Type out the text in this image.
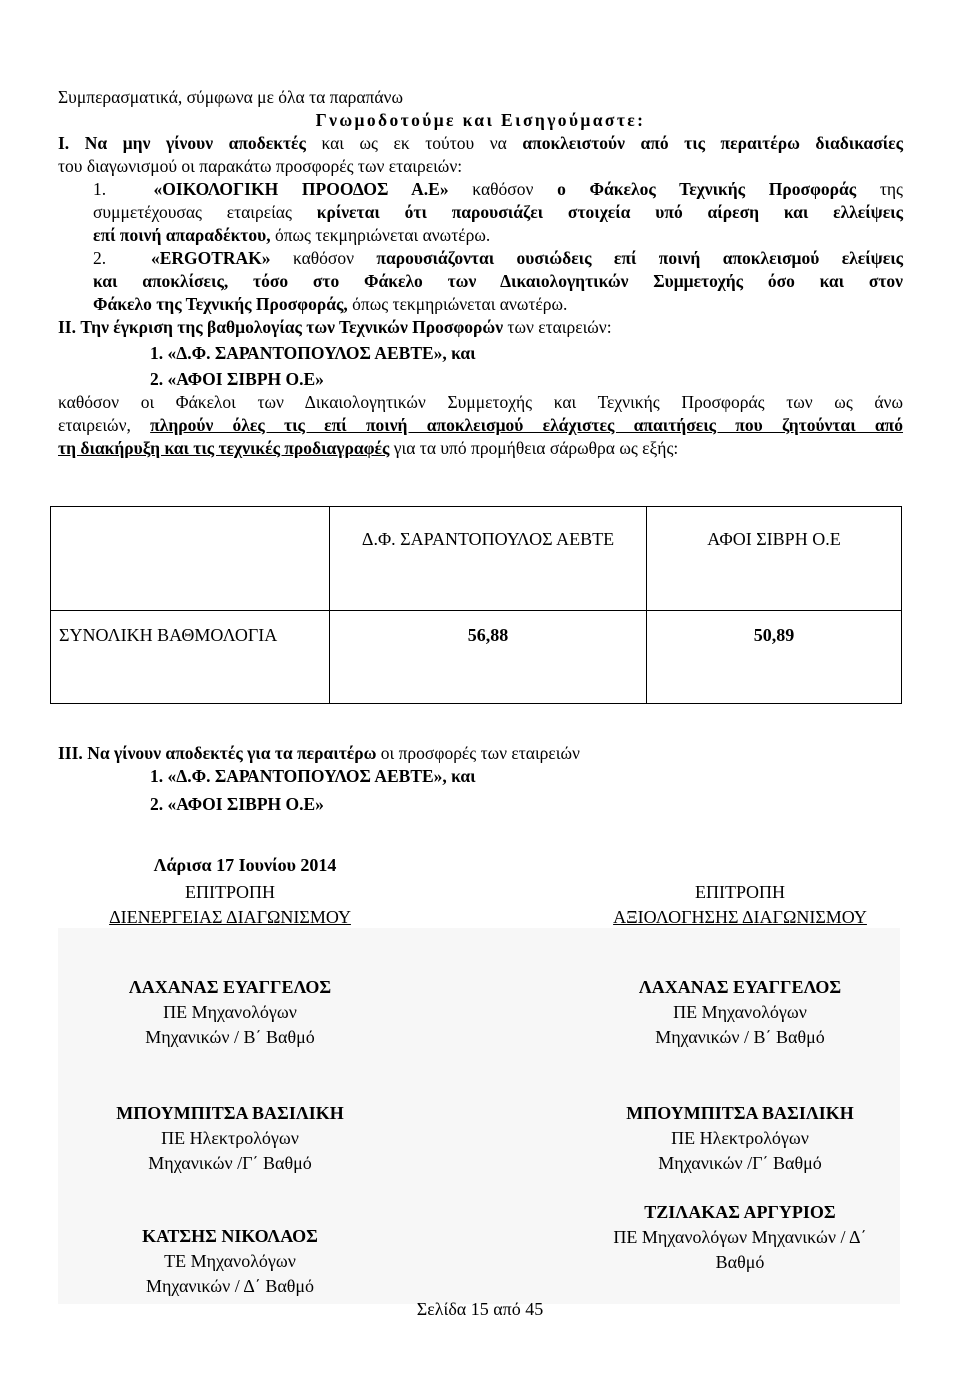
Συμπερασματικά, σύμφωνα με όλα τα παραπάνω
Γνωμοδοτούμε και Εισηγούμαστε:
Ι. Να μην γίνουν αποδεκτές και ως εκ τούτου να αποκλειστούν από τις περαιτέρω διαδικασίες
του διαγωνισμού οι παρακάτω προσφορές των εταιρειών:
1.	«ΟΙΚΟΛΟΓΙΚΗ ΠΡΟΟΔΟΣ Α.Ε» καθόσον ο Φάκελος Τεχνικής Προσφοράς της
συμμετέχουσας εταιρείας κρίνεται ότι παρουσιάζει στοιχεία υπό αίρεση και ελλείψεις
επί ποινή απαραδέκτου, όπως τεκμηριώνεται ανωτέρω.
2.	«ERGOTRAK» καθόσον παρουσιάζονται ουσιώδεις επί ποινή αποκλεισμού ελείψεις
και αποκλίσεις, τόσο στο Φάκελο των Δικαιολογητικών Συμμετοχής όσο και στον
Φάκελο της Τεχνικής Προσφοράς, όπως τεκμηριώνεται ανωτέρω.
ΙΙ. Την έγκριση της βαθμολογίας των Τεχνικών Προσφορών των εταιρειών:
1. «Δ.Φ. ΣΑΡΑΝΤΟΠΟΥΛΟΣ ΑΕΒΤΕ», και
2. «ΑΦΟΙ ΣΙΒΡΗ Ο.Ε»
καθόσον οι Φάκελοι των Δικαιολογητικών Συμμετοχής και Τεχνικής Προσφοράς των ως άνω
εταιρειών, πληρούν όλες τις επί ποινή αποκλεισμού ελάχιστες απαιτήσεις που ζητούνται από
τη διακήρυξη και τις τεχνικές προδιαγραφές για τα υπό προμήθεια σάρωθρα ως εξής:
	Δ.Φ. ΣΑΡΑΝΤΟΠΟΥΛΟΣ ΑΕΒΤΕ	ΑΦΟΙ ΣΙΒΡΗ Ο.Ε
ΣΥΝΟΛΙΚΗ ΒΑΘΜΟΛΟΓΙΑ	56,88	50,89
ΙΙΙ. Να γίνουν αποδεκτές για τα περαιτέρω οι προσφορές των εταιρειών
1. «Δ.Φ. ΣΑΡΑΝΤΟΠΟΥΛΟΣ ΑΕΒΤΕ», και
2. «ΑΦΟΙ ΣΙΒΡΗ Ο.Ε»
Λάρισα 17 Ιουνίου 2014
ΕΠΙΤΡΟΠΗ
ΔΙΕΝΕΡΓΕΙΑΣ ΔΙΑΓΩΝΙΣΜΟΥ
ΕΠΙΤΡΟΠΗ
ΑΞΙΟΛΟΓΗΣΗΣ ΔΙΑΓΩΝΙΣΜΟΥ
ΛΑΧΑΝΑΣ ΕΥΑΓΓΕΛΟΣ
ΠΕ Μηχανολόγων
Μηχανικών / Β΄ Βαθμό
ΛΑΧΑΝΑΣ ΕΥΑΓΓΕΛΟΣ
ΠΕ Μηχανολόγων
Μηχανικών / Β΄ Βαθμό
ΜΠΟΥΜΠΙΤΣΑ ΒΑΣΙΛΙΚΗ
ΠΕ Ηλεκτρολόγων
Μηχανικών /Γ΄ Βαθμό
ΜΠΟΥΜΠΙΤΣΑ ΒΑΣΙΛΙΚΗ
ΠΕ Ηλεκτρολόγων
Μηχανικών /Γ΄ Βαθμό
ΚΑΤΣΗΣ ΝΙΚΟΛΑΟΣ
ΤΕ Μηχανολόγων
Μηχανικών / Δ΄ Βαθμό
ΤΖΙΛΑΚΑΣ ΑΡΓΥΡΙΟΣ
ΠΕ Μηχανολόγων Μηχανικών / Δ΄
Βαθμό
Σελίδα 15 από 45
